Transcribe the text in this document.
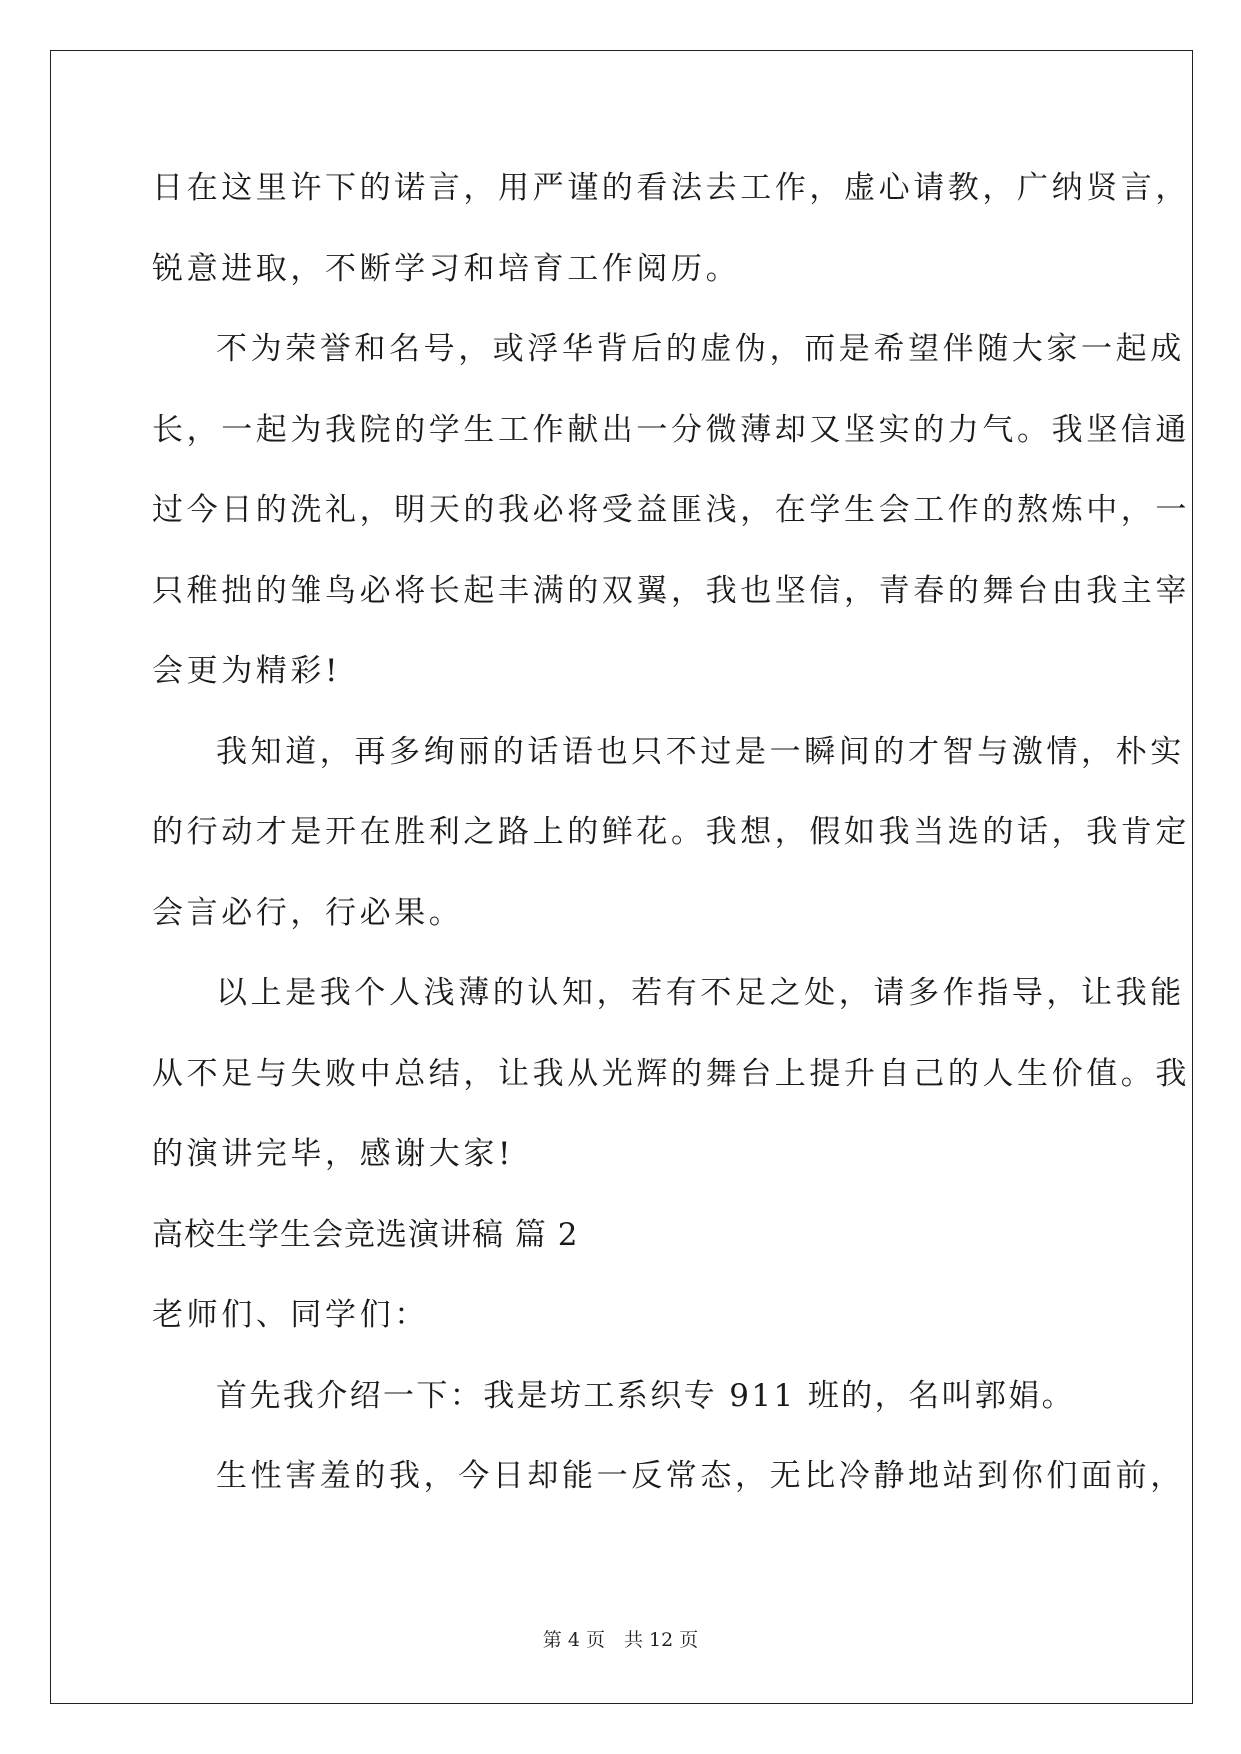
日在这里许下的诺言，用严谨的看法去工作，虚心请教，广纳贤言，
锐意进取，不断学习和培育工作阅历。
不为荣誉和名号，或浮华背后的虚伪，而是希望伴随大家一起成
长，一起为我院的学生工作献出一分微薄却又坚实的力气。我坚信通
过今日的洗礼，明天的我必将受益匪浅，在学生会工作的熬炼中，一
只稚拙的雏鸟必将长起丰满的双翼，我也坚信，青春的舞台由我主宰
会更为精彩!
我知道，再多绚丽的话语也只不过是一瞬间的才智与激情，朴实
的行动才是开在胜利之路上的鲜花。我想，假如我当选的话，我肯定
会言必行，行必果。
以上是我个人浅薄的认知，若有不足之处，请多作指导，让我能
从不足与失败中总结，让我从光辉的舞台上提升自己的人生价值。我
的演讲完毕，感谢大家!
高校生学生会竞选演讲稿 篇 2
老师们、同学们：
首先我介绍一下：我是坊工系织专 911 班的，名叫郭娟。
生性害羞的我，今日却能一反常态，无比冷静地站到你们面前，
第 4 页　共 12 页
